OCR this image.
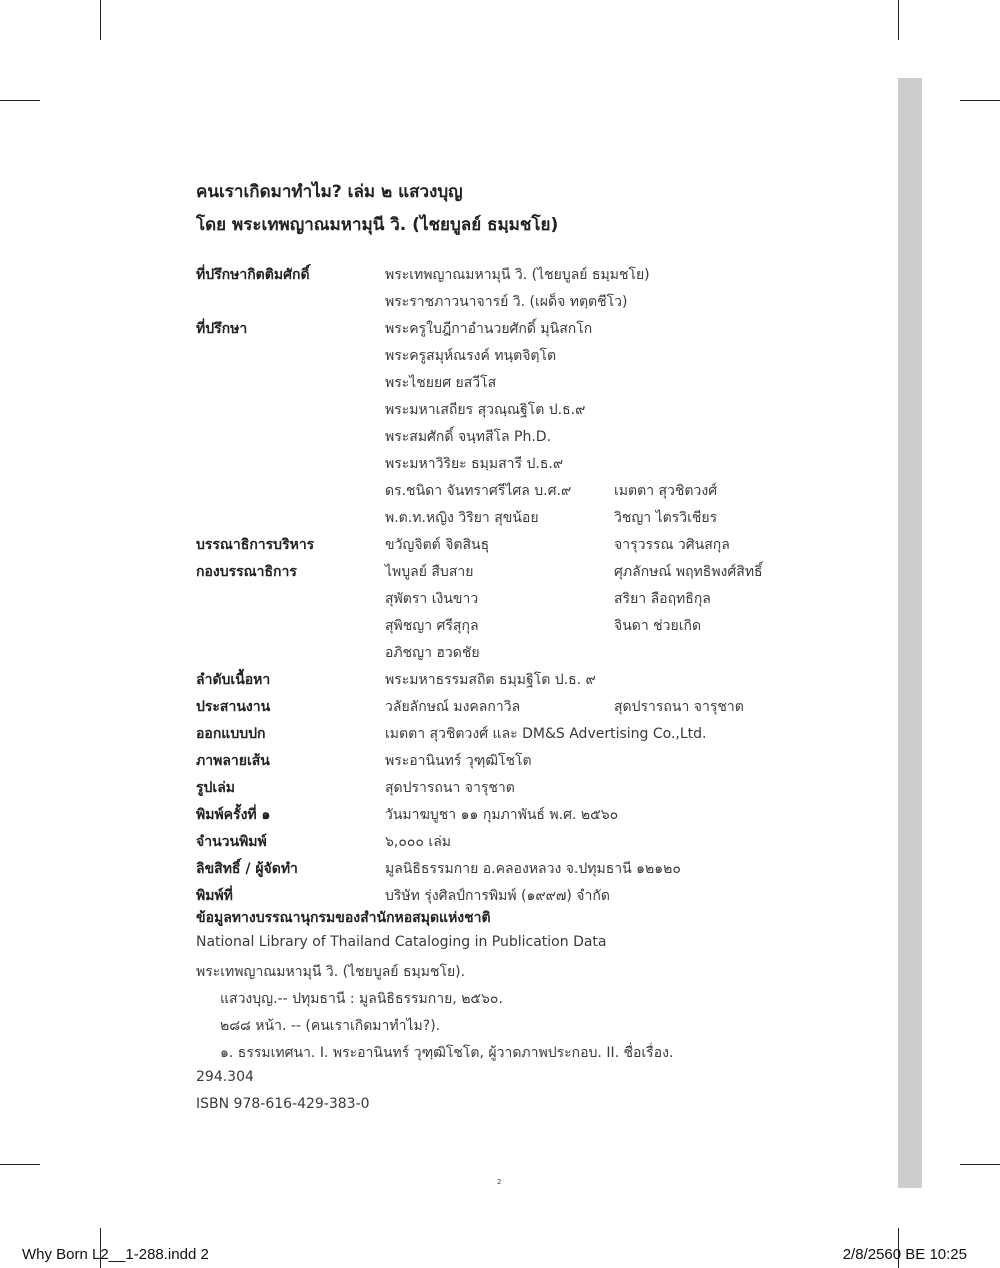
คนเราเกิดมาทำไม? เล่ม ๒ แสวงบุญ
โดย พระเทพญาณมหามุนี วิ. (ไชยบูลย์ ธมฺมชโย)
ที่ปรึกษากิตติมศักดิ์	พระเทพญาณมหามุนี วิ. (ไชยบูลย์ ธมฺมชโย)
พระราชภาวนาจารย์ วิ. (เผด็จ ทตฺตชีโว)
ที่ปรึกษา	พระครูใบฎีกาอำนวยศักดิ์ มุนิสกโก
พระครูสมุห์ณรงค์ ทนฺตจิตฺโต
พระไชยยศ ยสวีโส
พระมหาเสถียร สุวณฺณฐิโต ป.ธ.๙
พระสมศักดิ์ จนฺทสีโล Ph.D.
พระมหาวิริยะ ธมฺมสารี ป.ธ.๙
ดร.ชนิดา จันทราศรีไศล บ.ศ.๙	เมตตา สุวชิตวงศ์
พ.ต.ท.หญิง วิริยา สุขน้อย	วิชญา ไตรวิเชียร
บรรณาธิการบริหาร	ขวัญจิตต์ จิตสินธุ	จารุวรรณ วศินสกุล
กองบรรณาธิการ	ไพบูลย์ สืบสาย	ศุภลักษณ์ พฤทธิพงศ์สิทธิ์
สุพัตรา เงินขาว	สริยา ลือฤทธิกุล
สุพิชญา ศรีสุกุล	จินดา ช่วยเกิด
อภิชญา ฮวดชัย
ลำดับเนื้อหา	พระมหาธรรมสถิต ธมฺมฐิโต ป.ธ. ๙
ประสานงาน	วลัยลักษณ์ มงคลกาวิล	สุดปรารถนา จารุชาต
ออกแบบปก	เมตตา สุวชิตวงศ์ และ DM&S Advertising Co.,Ltd.
ภาพลายเส้น	พระอานินทร์ วุฑฺฒิโชโต
รูปเล่ม	สุดปรารถนา จารุชาต
พิมพ์ครั้งที่ ๑	วันมาฆบูชา ๑๑ กุมภาพันธ์ พ.ศ. ๒๕๖๐
จำนวนพิมพ์	๖,๐๐๐ เล่ม
ลิขสิทธิ์ / ผู้จัดทำ	มูลนิธิธรรมกาย อ.คลองหลวง จ.ปทุมธานี ๑๒๑๒๐
พิมพ์ที่	บริษัท รุ่งศิลป์การพิมพ์ (๑๙๙๗) จำกัด
ข้อมูลทางบรรณานุกรมของสำนักหอสมุดแห่งชาติ
National Library of Thailand Cataloging in Publication Data
พระเทพญาณมหามุนี วิ. (ไชยบูลย์ ธมฺมชโย).
แสวงบุญ.-- ปทุมธานี : มูลนิธิธรรมกาย, ๒๕๖๐.
๒๘๘ หน้า. -- (คนเราเกิดมาทำไม?).
๑. ธรรมเทศนา. I. พระอานินทร์ วุฑฺฒิโชโต, ผู้วาดภาพประกอบ. II. ชื่อเรื่อง.
294.304
ISBN 978-616-429-383-0
2
Why Born L2__1-288.indd 2	2/8/2560 BE 10:25
